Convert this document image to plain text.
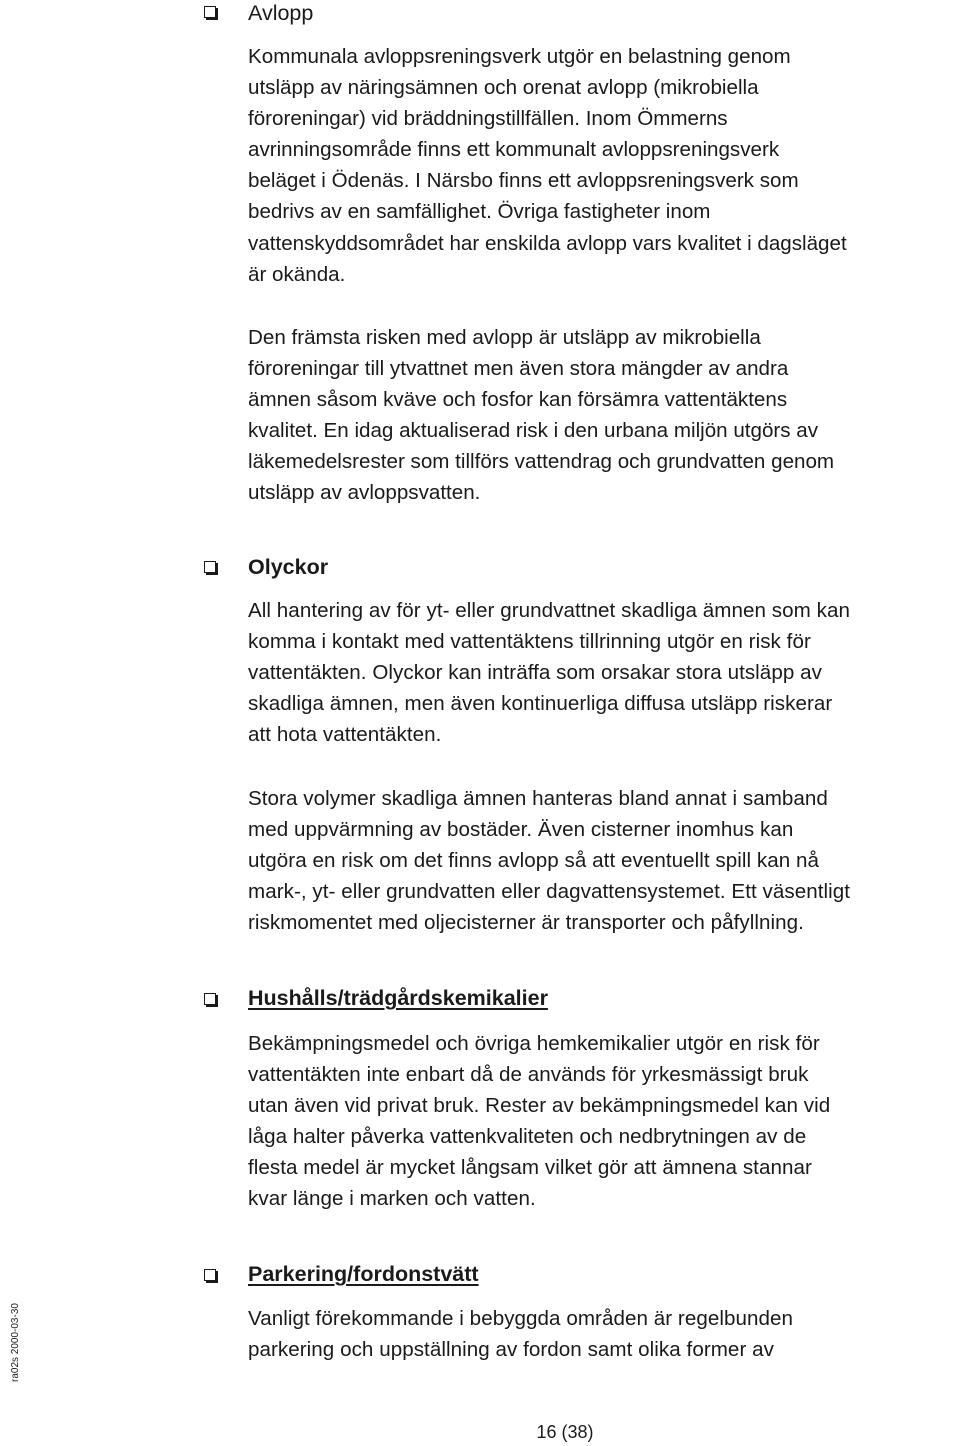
Avlopp

Kommunala avloppsreningsverk utgör en belastning genom
utsläpp av näringsämnen och orenat avlopp (mikrobiella
föroreningar) vid bräddningstillfällen. Inom Ömmerns
avrinningsområde finns ett kommunalt avloppsreningsverk
beläget i Ödenäs. I Närsbo finns ett avloppsreningsverk som
bedrivs av en samfällighet. Övriga fastigheter inom
vattenskyddsområdet har enskilda avlopp vars kvalitet i dagsläget
är okända.

Den främsta risken med avlopp är utsläpp av mikrobiella
föroreningar till ytvattnet men även stora mängder av andra
ämnen såsom kväve och fosfor kan försämra vattentäktens
kvalitet. En idag aktualiserad risk i den urbana miljön utgörs av
läkemedelsrester som tillförs vattendrag och grundvatten genom
utsläpp av avloppsvatten.

Olyckor

All hantering av för yt- eller grundvattnet skadliga ämnen som kan
komma i kontakt med vattentäktens tillrinning utgör en risk för
vattentäkten. Olyckor kan inträffa som orsakar stora utsläpp av
skadliga ämnen, men även kontinuerliga diffusa utsläpp riskerar
att hota vattentäkten.

Stora volymer skadliga ämnen hanteras bland annat i samband
med uppvärmning av bostäder. Även cisterner inomhus kan
utgöra en risk om det finns avlopp så att eventuellt spill kan nå
mark-, yt- eller grundvatten eller dagvattensystemet. Ett väsentligt
riskmomentet med oljecisterner är transporter och påfyllning.

Hushålls/trädgårdskemikalier

Bekämpningsmedel och övriga hemkemikalier utgör en risk för
vattentäkten inte enbart då de används för yrkesmässigt bruk
utan även vid privat bruk. Rester av bekämpningsmedel kan vid
låga halter påverka vattenkvaliteten och nedbrytningen av de
flesta medel är mycket långsam vilket gör att ämnena stannar
kvar länge i marken och vatten.

Parkering/fordonstvätt

Vanligt förekommande i bebyggda områden är regelbunden
parkering och uppställning av fordon samt olika former av

ra02s 2000-03-30
16 (38)
